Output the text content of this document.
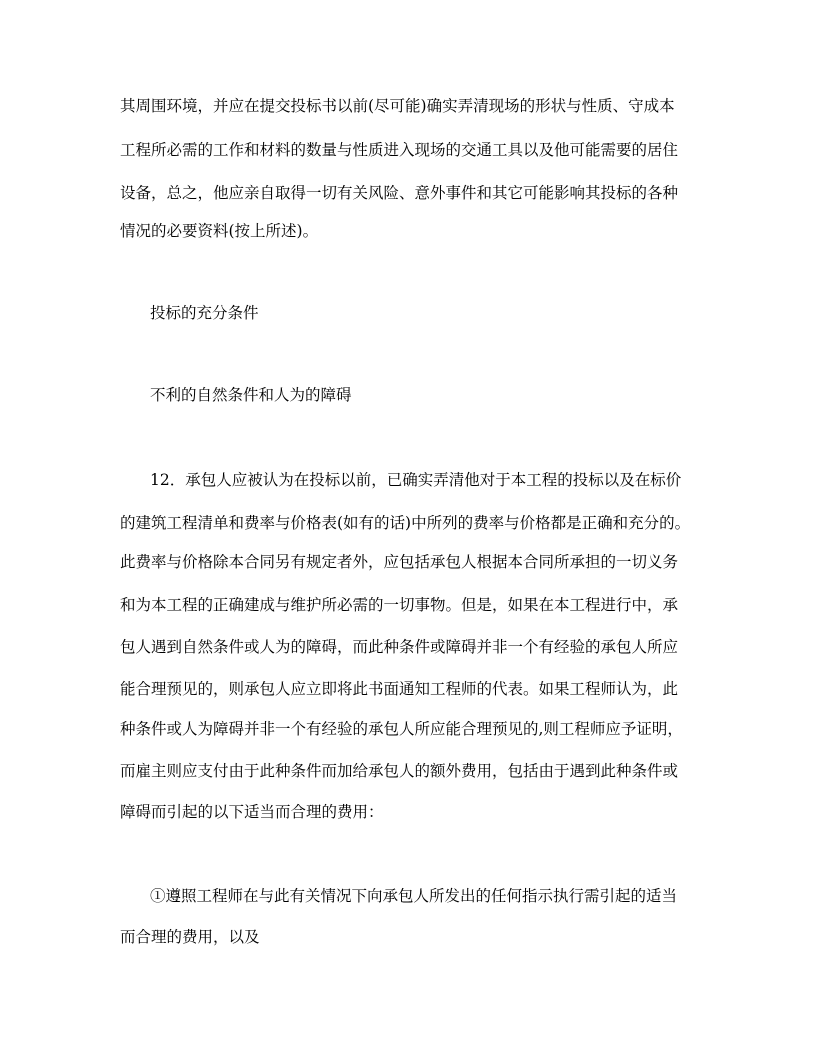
其周围环境，并应在提交投标书以前(尽可能)确实弄清现场的形状与性质、守成本
工程所必需的工作和材料的数量与性质进入现场的交通工具以及他可能需要的居住
设备，总之，他应亲自取得一切有关风险、意外事件和其它可能影响其投标的各种
情况的必要资料(按上所述)。
投标的充分条件
不利的自然条件和人为的障碍
12．承包人应被认为在投标以前，已确实弄清他对于本工程的投标以及在标价
的建筑工程清单和费率与价格表(如有的话)中所列的费率与价格都是正确和充分的。
此费率与价格除本合同另有规定者外，应包括承包人根据本合同所承担的一切义务
和为本工程的正确建成与维护所必需的一切事物。但是，如果在本工程进行中，承
包人遇到自然条件或人为的障碍，而此种条件或障碍并非一个有经验的承包人所应
能合理预见的，则承包人应立即将此书面通知工程师的代表。如果工程师认为，此
种条件或人为障碍并非一个有经验的承包人所应能合理预见的,则工程师应予证明，
而雇主则应支付由于此种条件而加给承包人的额外费用，包括由于遇到此种条件或
障碍而引起的以下适当而合理的费用：
①遵照工程师在与此有关情况下向承包人所发出的任何指示执行需引起的适当
而合理的费用，以及
